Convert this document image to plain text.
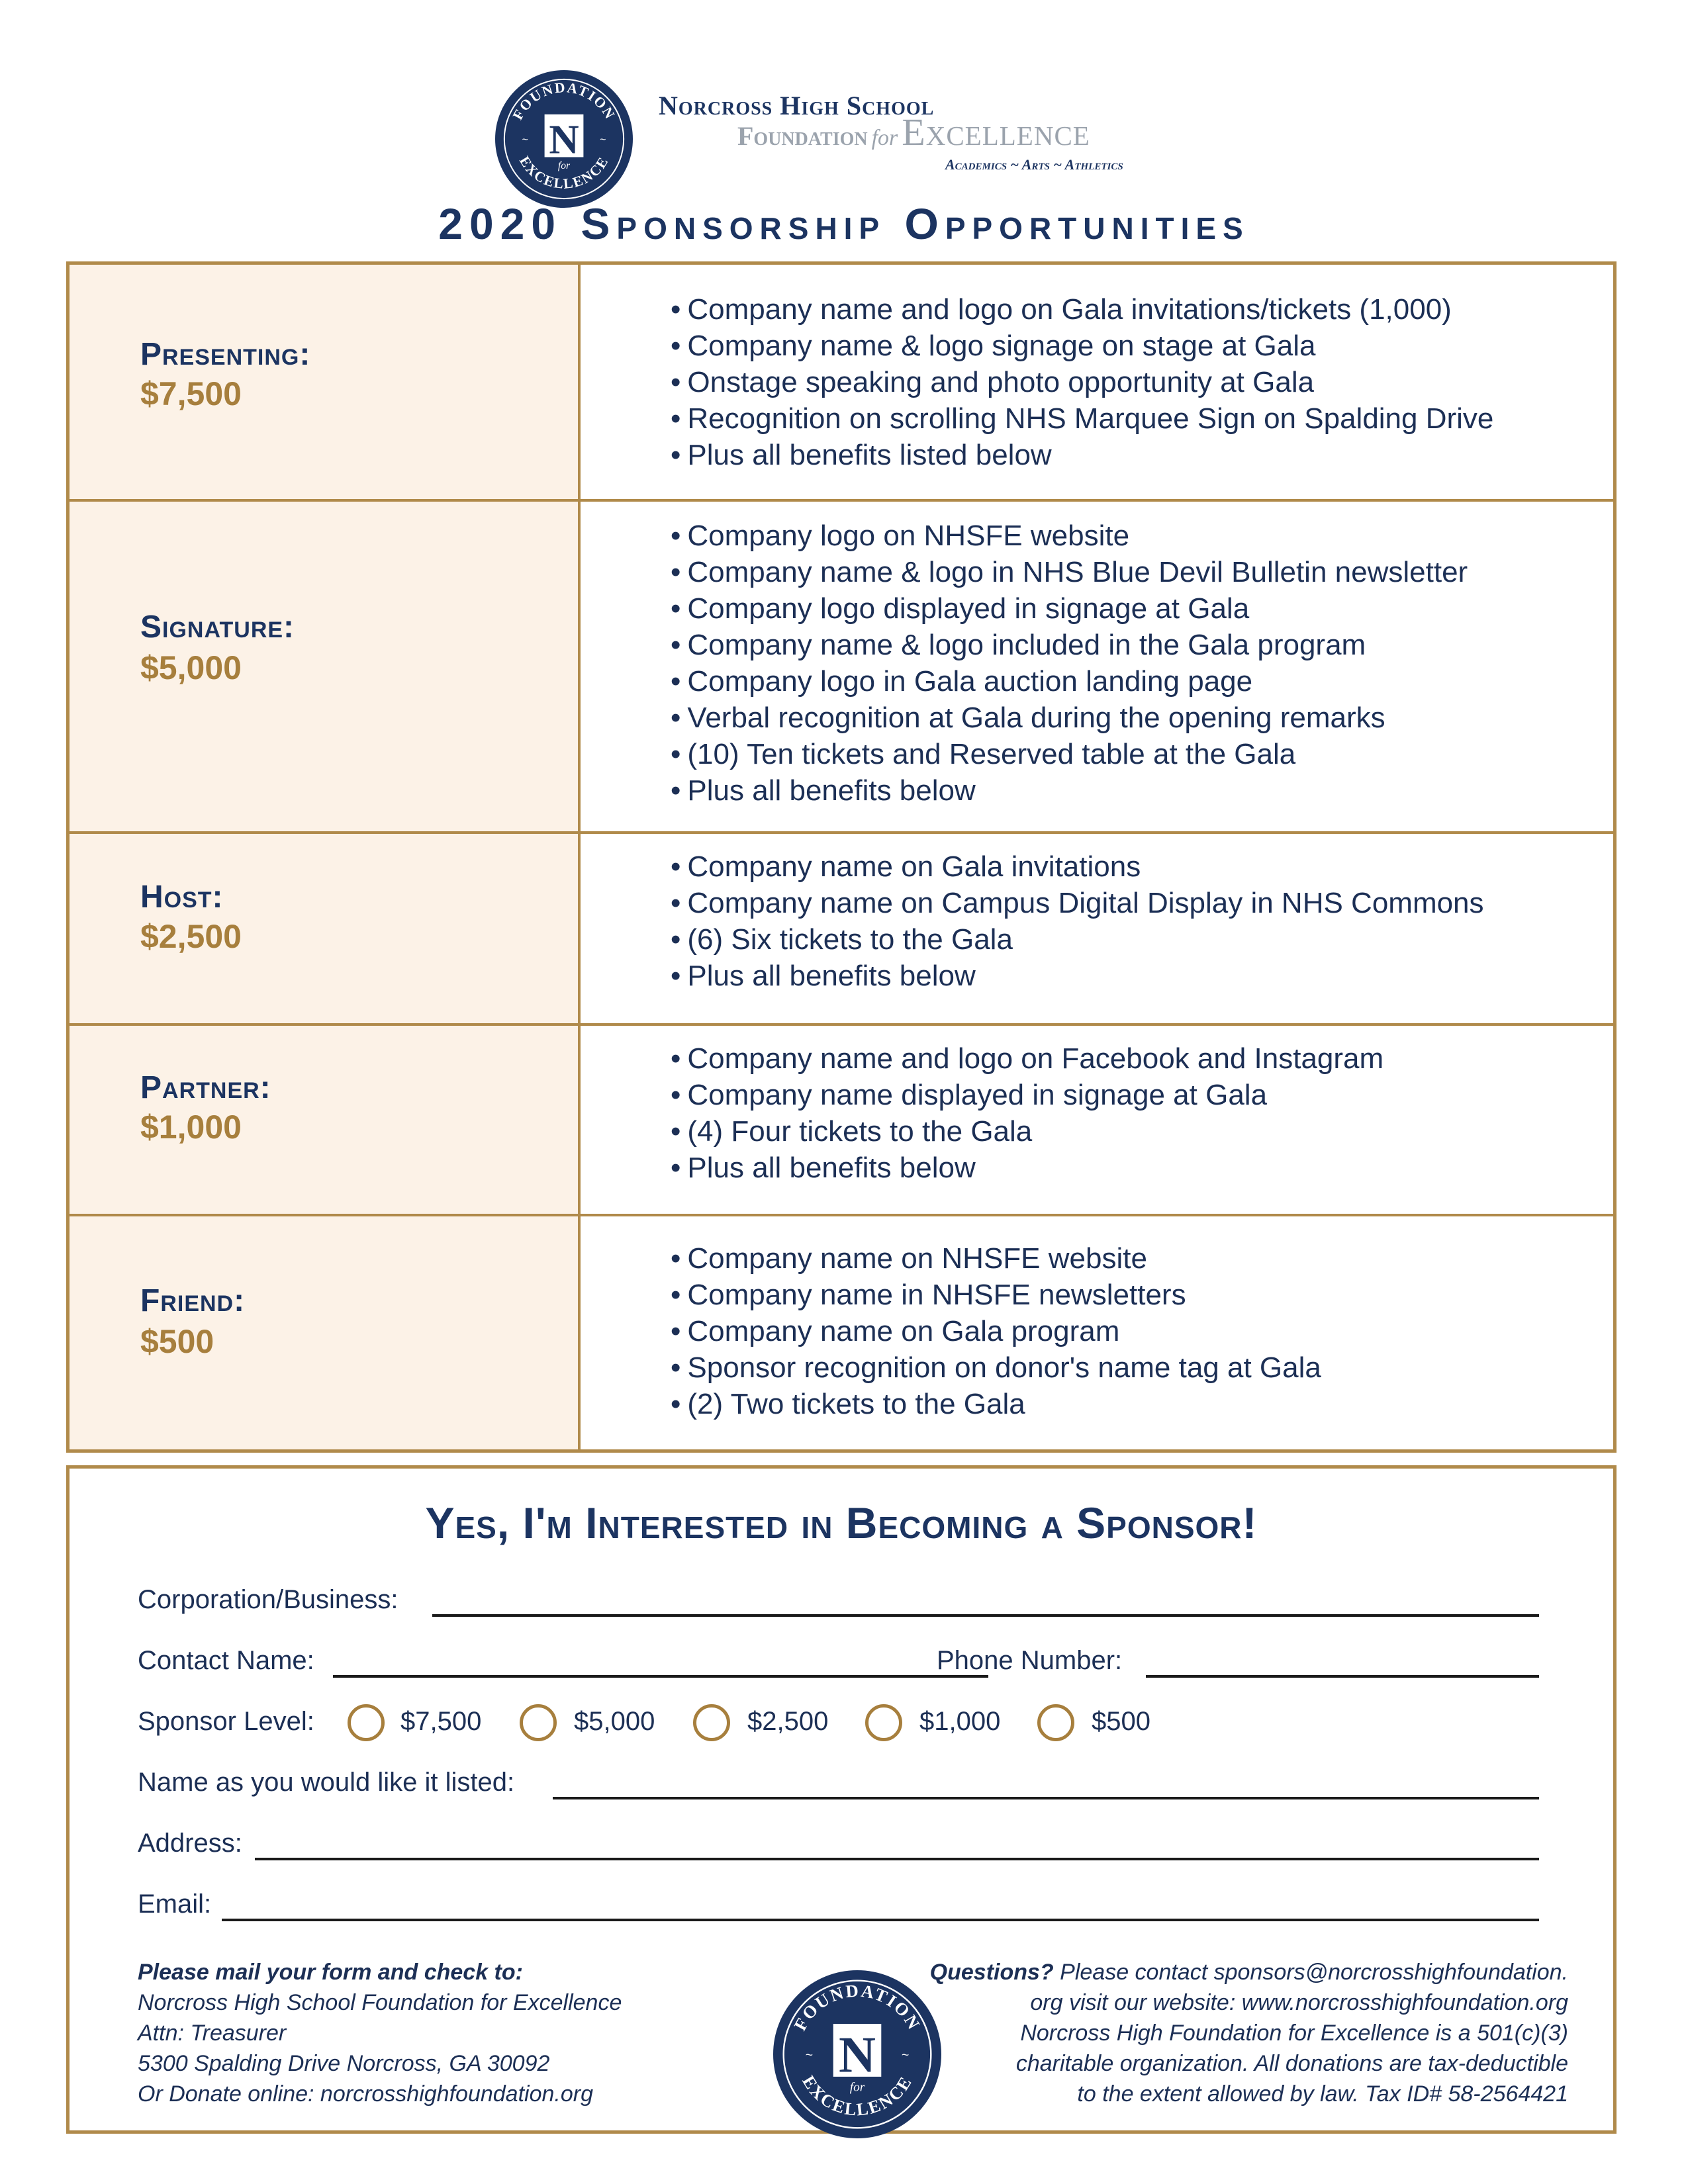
FOUNDATION
EXCELLENCE
N
for
~	~
Norcross High School
Foundation for Excellence
Academics ~ Arts ~ Athletics
2020 Sponsorship Opportunities
Presenting:
$7,500
• Company name and logo on Gala invitations/tickets (1,000)
• Company name & logo signage on stage at Gala
• Onstage speaking and photo opportunity at Gala
• Recognition on scrolling NHS Marquee Sign on Spalding Drive
• Plus all benefits listed below
Signature:
$5,000
• Company logo on NHSFE website
• Company name & logo in NHS Blue Devil Bulletin newsletter
• Company logo displayed in signage at Gala
• Company name & logo included in the Gala program
• Company logo in Gala auction landing page
• Verbal recognition at Gala during the opening remarks
• (10) Ten tickets and Reserved table at the Gala
• Plus all benefits below
Host:
$2,500
• Company name on Gala invitations
• Company name on Campus Digital Display in NHS Commons
• (6) Six tickets to the Gala
• Plus all benefits below
Partner:
$1,000
• Company name and logo on Facebook and Instagram
• Company name displayed in signage at Gala
• (4) Four tickets to the Gala
• Plus all benefits below
Friend:
$500
• Company name on NHSFE website
• Company name in NHSFE newsletters
• Company name on Gala program
• Sponsor recognition on donor's name tag at Gala
• (2) Two tickets to the Gala
Yes, I'm Interested in Becoming a Sponsor!
Corporation/Business:
Contact Name:	Phone Number:
Sponsor Level:	$7,500	$5,000	$2,500	$1,000	$500
Name as you would like it listed:
Address:
Email:
Please mail your form and check to:
Norcross High School Foundation for Excellence
Attn: Treasurer
5300 Spalding Drive Norcross, GA 30092
Or Donate online: norcrosshighfoundation.org
FOUNDATION
EXCELLENCE
N
for
~	~
Questions? Please contact sponsors@norcrosshighfoundation.
org visit our website: www.norcrosshighfoundation.org
Norcross High Foundation for Excellence is a 501(c)(3)
charitable organization. All donations are tax-deductible
to the extent allowed by law. Tax ID# 58-2564421
